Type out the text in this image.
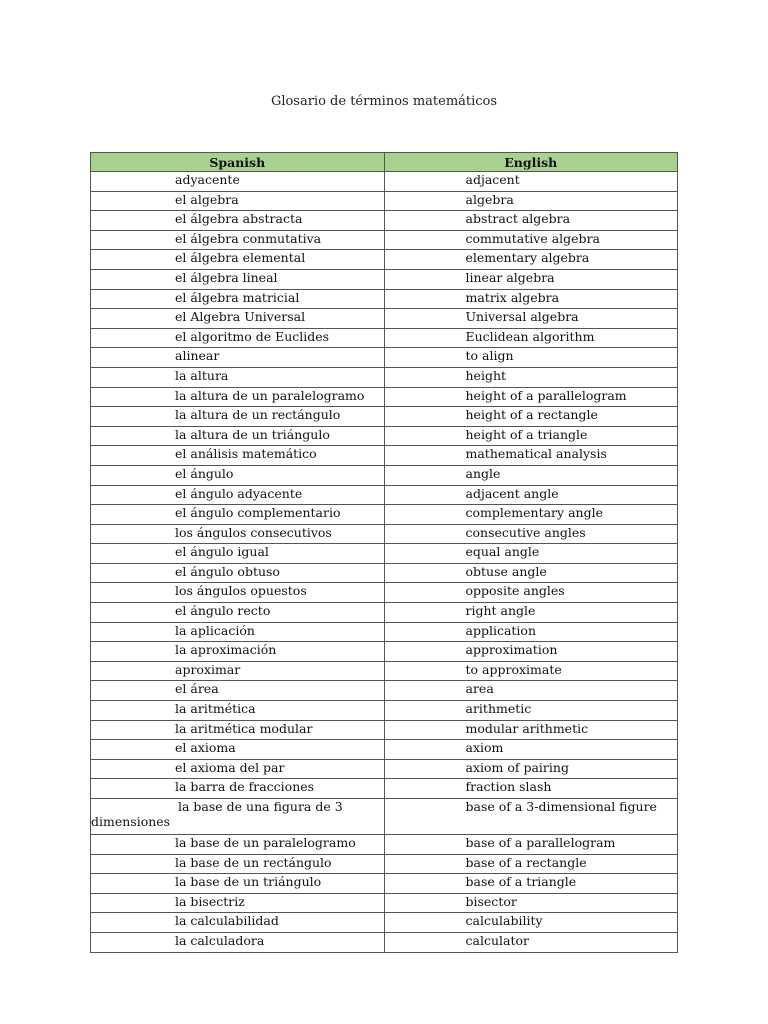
Glosario de términos matemáticos
Spanish	English
adyacente	adjacent
el algebra	algebra
el álgebra abstracta	abstract algebra
el álgebra conmutativa	commutative algebra
el álgebra elemental	elementary algebra
el álgebra lineal	linear algebra
el álgebra matricial	matrix algebra
el Algebra Universal	Universal algebra
el algoritmo de Euclides	Euclidean algorithm
alinear	to align
la altura	height
la altura de un paralelogramo	height of a parallelogram
la altura de un rectángulo	height of a rectangle
la altura de un triángulo	height of a triangle
el análisis matemático	mathematical analysis
el ángulo	angle
el ángulo adyacente	adjacent angle
el ángulo complementario	complementary angle
los ángulos consecutivos	consecutive angles
el ángulo igual	equal angle
el ángulo obtuso	obtuse angle
los ángulos opuestos	opposite angles
el ángulo recto	right angle
la aplicación	application
la aproximación	approximation
aproximar	to approximate
el área	area
la aritmética	arithmetic
la aritmética modular	modular arithmetic
el axioma	axiom
el axioma del par	axiom of pairing
la barra de fracciones	fraction slash
la base de una figura de 3 dimensiones	base of a 3-dimensional figure
la base de un paralelogramo	base of a parallelogram
la base de un rectángulo	base of a rectangle
la base de un triángulo	base of a triangle
la bisectriz	bisector
la calculabilidad	calculability
la calculadora	calculator
